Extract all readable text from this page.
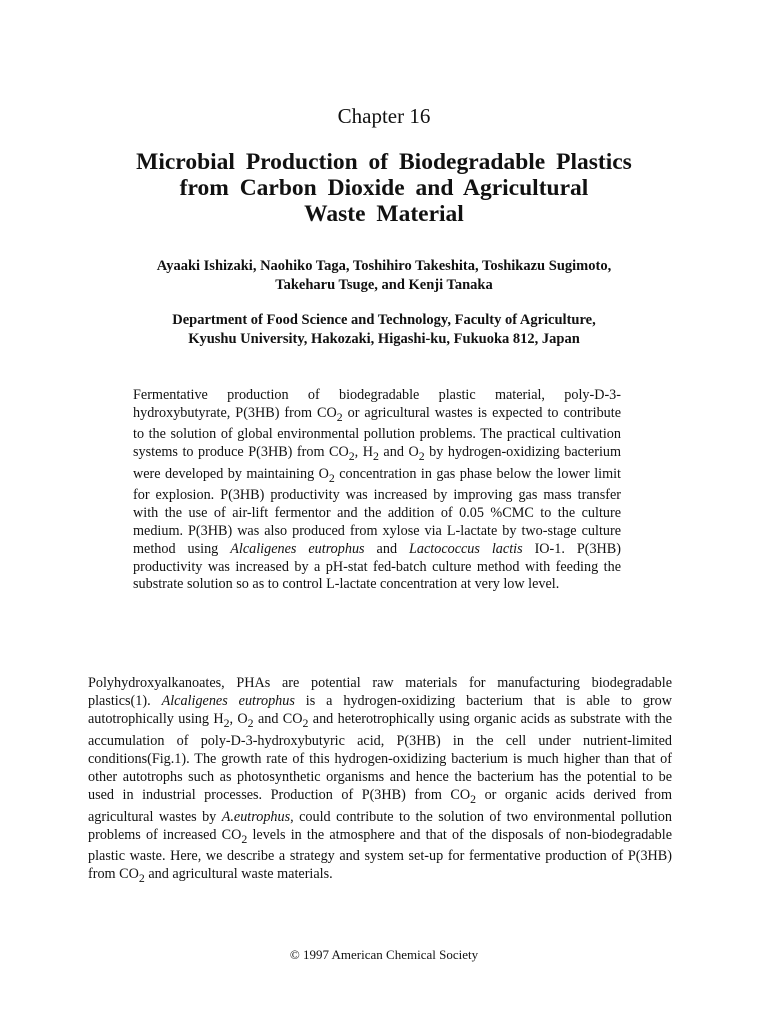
Chapter 16
Microbial Production of Biodegradable Plastics
from Carbon Dioxide and Agricultural
Waste Material
Ayaaki Ishizaki, Naohiko Taga, Toshihiro Takeshita, Toshikazu Sugimoto,
Takeharu Tsuge, and Kenji Tanaka
Department of Food Science and Technology, Faculty of Agriculture,
Kyushu University, Hakozaki, Higashi-ku, Fukuoka 812, Japan

Fermentative production of biodegradable plastic material, poly-D-3-hydroxybutyrate, P(3HB) from $CO_2$ or agricultural wastes is expected to contribute to the solution of global environmental pollution problems. The practical cultivation systems to produce P(3HB) from $CO_2$, $H_2$ and $O_2$ by hydrogen-oxidizing bacterium were developed by maintaining $O_2$ concentration in gas phase below the lower limit for explosion. P(3HB) productivity was increased by improving gas mass transfer with the use of air-lift fermentor and the addition of 0.05 %CMC to the culture medium. P(3HB) was also produced from xylose via L-lactate by two-stage culture method using Alcaligenes eutrophus and Lactococcus lactis IO-1. P(3HB) productivity was increased by a pH-stat fed-batch culture method with feeding the substrate solution so as to control L-lactate concentration at very low level.

Polyhydroxyalkanoates, PHAs are potential raw materials for manufacturing biodegradable plastics(1). Alcaligenes eutrophus is a hydrogen-oxidizing bacterium that is able to grow autotrophically using $H_2$, $O_2$ and $CO_2$ and heterotrophically using organic acids as substrate with the accumulation of poly-D-3-hydroxybutyric acid, P(3HB) in the cell under nutrient-limited conditions(Fig.1). The growth rate of this hydrogen-oxidizing bacterium is much higher than that of other autotrophs such as photosynthetic organisms and hence the bacterium has the potential to be used in industrial processes. Production of P(3HB) from $CO_2$ or organic acids derived from agricultural wastes by A.eutrophus, could contribute to the solution of two environmental pollution problems of increased $CO_2$ levels in the atmosphere and that of the disposals of non-biodegradable plastic waste. Here, we describe a strategy and system set-up for fermentative production of P(3HB) from $CO_2$ and agricultural waste materials.

© 1997 American Chemical Society
